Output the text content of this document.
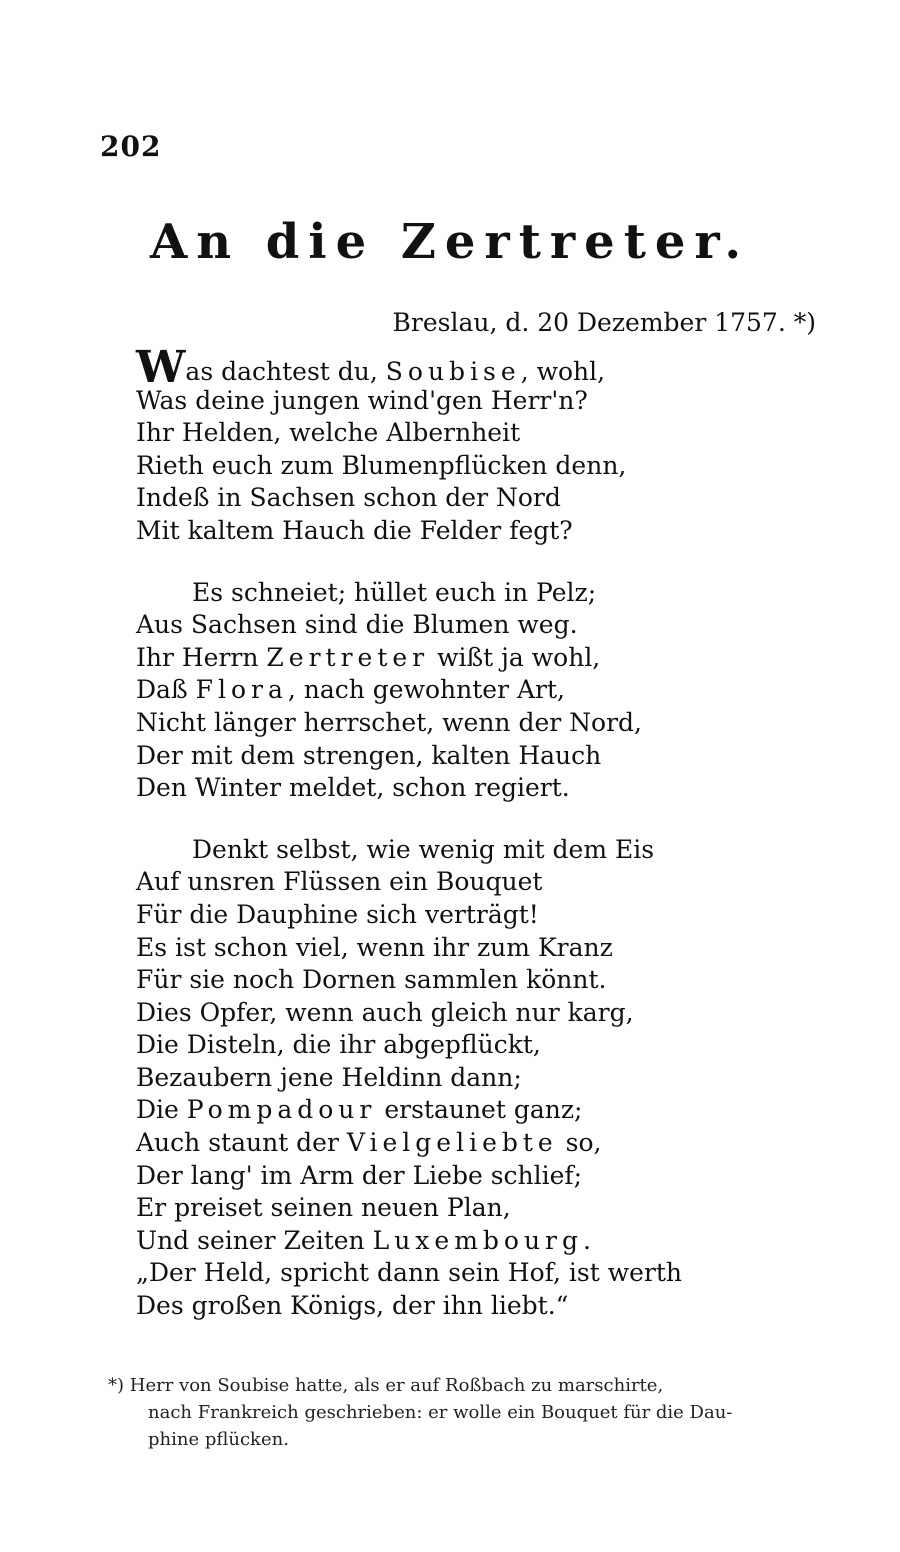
202
An die Zertreter.
Breslau, d. 20 Dezember 1757. *)
Was dachtest du, Soubise, wohl,
Was deine jungen wind'gen Herr'n?
Ihr Helden, welche Albernheit
Rieth euch zum Blumenpflücken denn,
Indeß in Sachsen schon der Nord
Mit kaltem Hauch die Felder fegt?
Es schneiet; hüllet euch in Pelz;
Aus Sachsen sind die Blumen weg.
Ihr Herrn Zertreter wißt ja wohl,
Daß Flora, nach gewohnter Art,
Nicht länger herrschet, wenn der Nord,
Der mit dem strengen, kalten Hauch
Den Winter meldet, schon regiert.
Denkt selbst, wie wenig mit dem Eis
Auf unsren Flüssen ein Bouquet
Für die Dauphine sich verträgt!
Es ist schon viel, wenn ihr zum Kranz
Für sie noch Dornen sammlen könnt.
Dies Opfer, wenn auch gleich nur karg,
Die Disteln, die ihr abgepflückt,
Bezaubern jene Heldinn dann;
Die Pompadour erstaunet ganz;
Auch staunt der Vielgeliebte so,
Der lang' im Arm der Liebe schlief;
Er preiset seinen neuen Plan,
Und seiner Zeiten Luxembourg.
„Der Held, spricht dann sein Hof, ist werth
Des großen Königs, der ihn liebt.“
*) Herr von Soubise hatte, als er auf Roßbach zu marschirte,
nach Frankreich geschrieben: er wolle ein Bouquet für die Dau-
phine pflücken.
